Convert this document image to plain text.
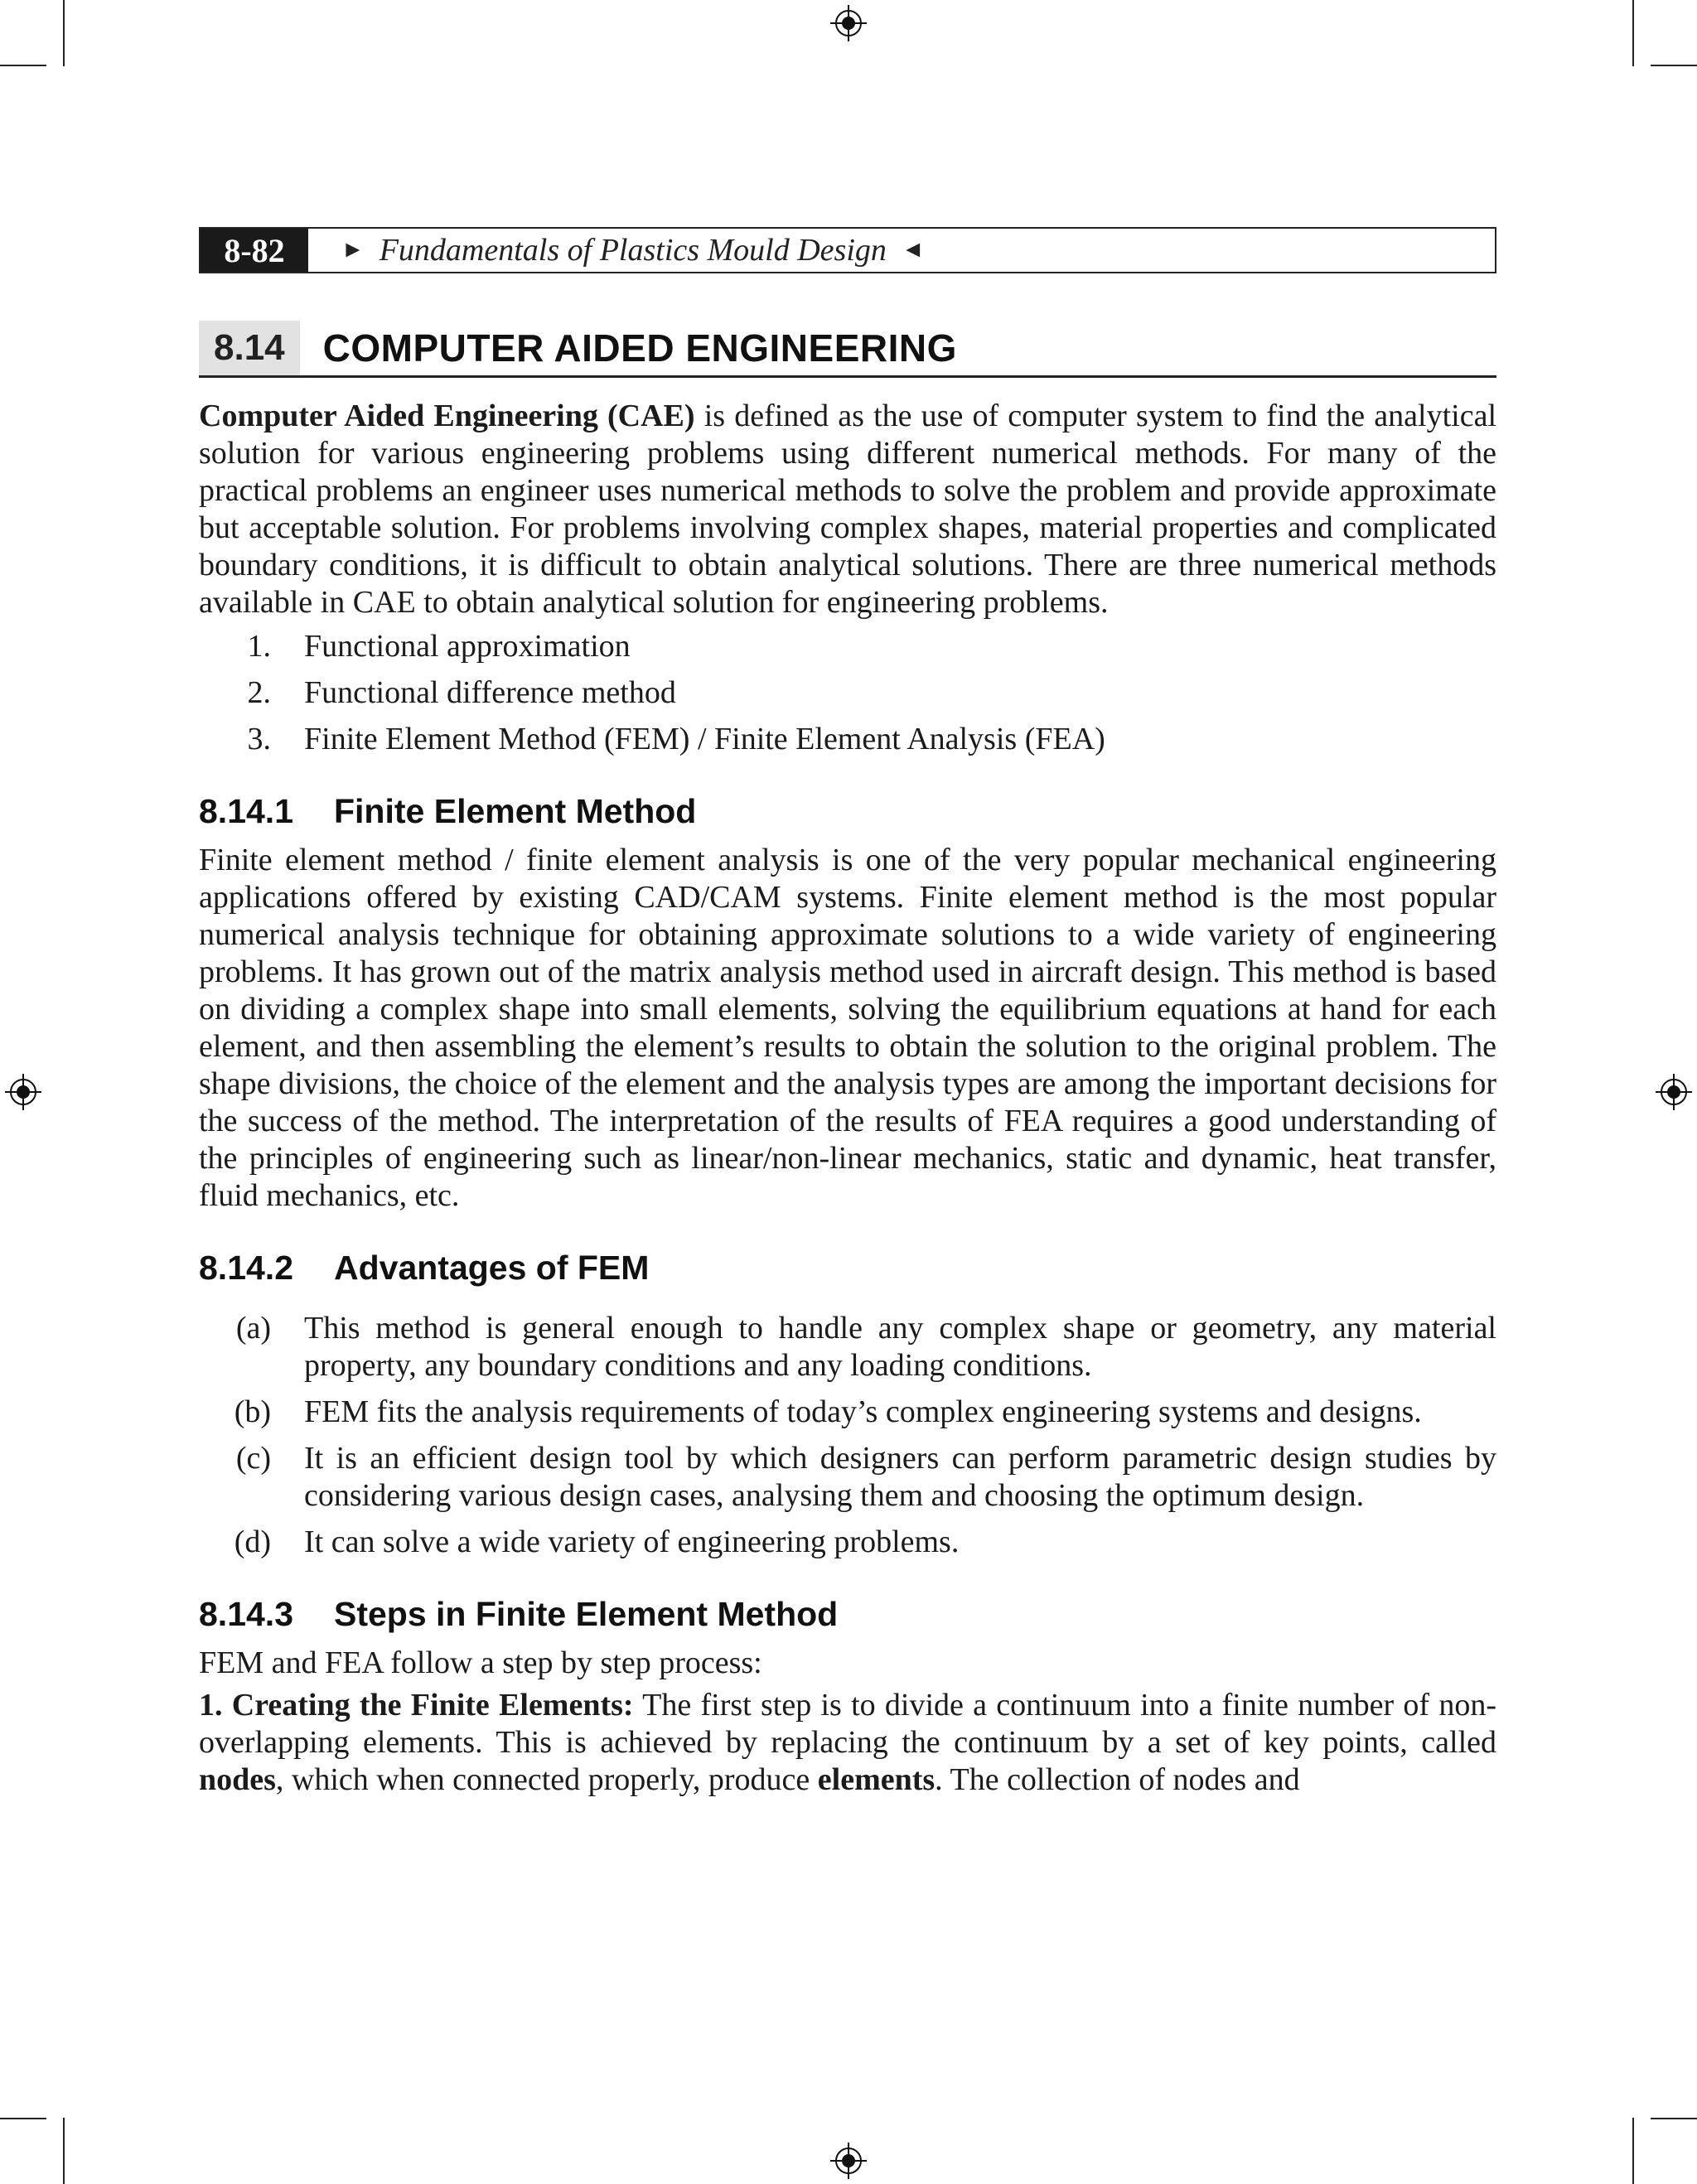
8-82	► Fundamentals of Plastics Mould Design ◄
8.14	COMPUTER AIDED ENGINEERING

Computer Aided Engineering (CAE) is defined as the use of computer system to find the analytical solution for various engineering problems using different numerical methods. For many of the practical problems an engineer uses numerical methods to solve the problem and provide approximate but acceptable solution. For problems involving complex shapes, material properties and complicated boundary conditions, it is difficult to obtain analytical solutions. There are three numerical methods available in CAE to obtain analytical solution for engineering problems.

1.	Functional approximation
2.	Functional difference method
3.	Finite Element Method (FEM) / Finite Element Analysis (FEA)
8.14.1	Finite Element Method

Finite element method / finite element analysis is one of the very popular mechanical engineering applications offered by existing CAD/CAM systems. Finite element method is the most popular numerical analysis technique for obtaining approximate solutions to a wide variety of engineering problems. It has grown out of the matrix analysis method used in aircraft design. This method is based on dividing a complex shape into small elements, solving the equilibrium equations at hand for each element, and then assembling the element’s results to obtain the solution to the original problem. The shape divisions, the choice of the element and the analysis types are among the important decisions for the success of the method. The interpretation of the results of FEA requires a good understanding of the principles of engineering such as linear/non-linear mechanics, static and dynamic, heat transfer, fluid mechanics, etc.

8.14.2	Advantages of FEM
(a)	This method is general enough to handle any complex shape or geometry, any material property, any boundary conditions and any loading conditions.
(b)	FEM fits the analysis requirements of today’s complex engineering systems and designs.
(c)	It is an efficient design tool by which designers can perform parametric design studies by considering various design cases, analysing them and choosing the optimum design.
(d)	It can solve a wide variety of engineering problems.
8.14.3	Steps in Finite Element Method

FEM and FEA follow a step by step process:

1. Creating the Finite Elements: The first step is to divide a continuum into a finite number of non-overlapping elements. This is achieved by replacing the continuum by a set of key points, called nodes, which when connected properly, produce elements. The collection of nodes and
